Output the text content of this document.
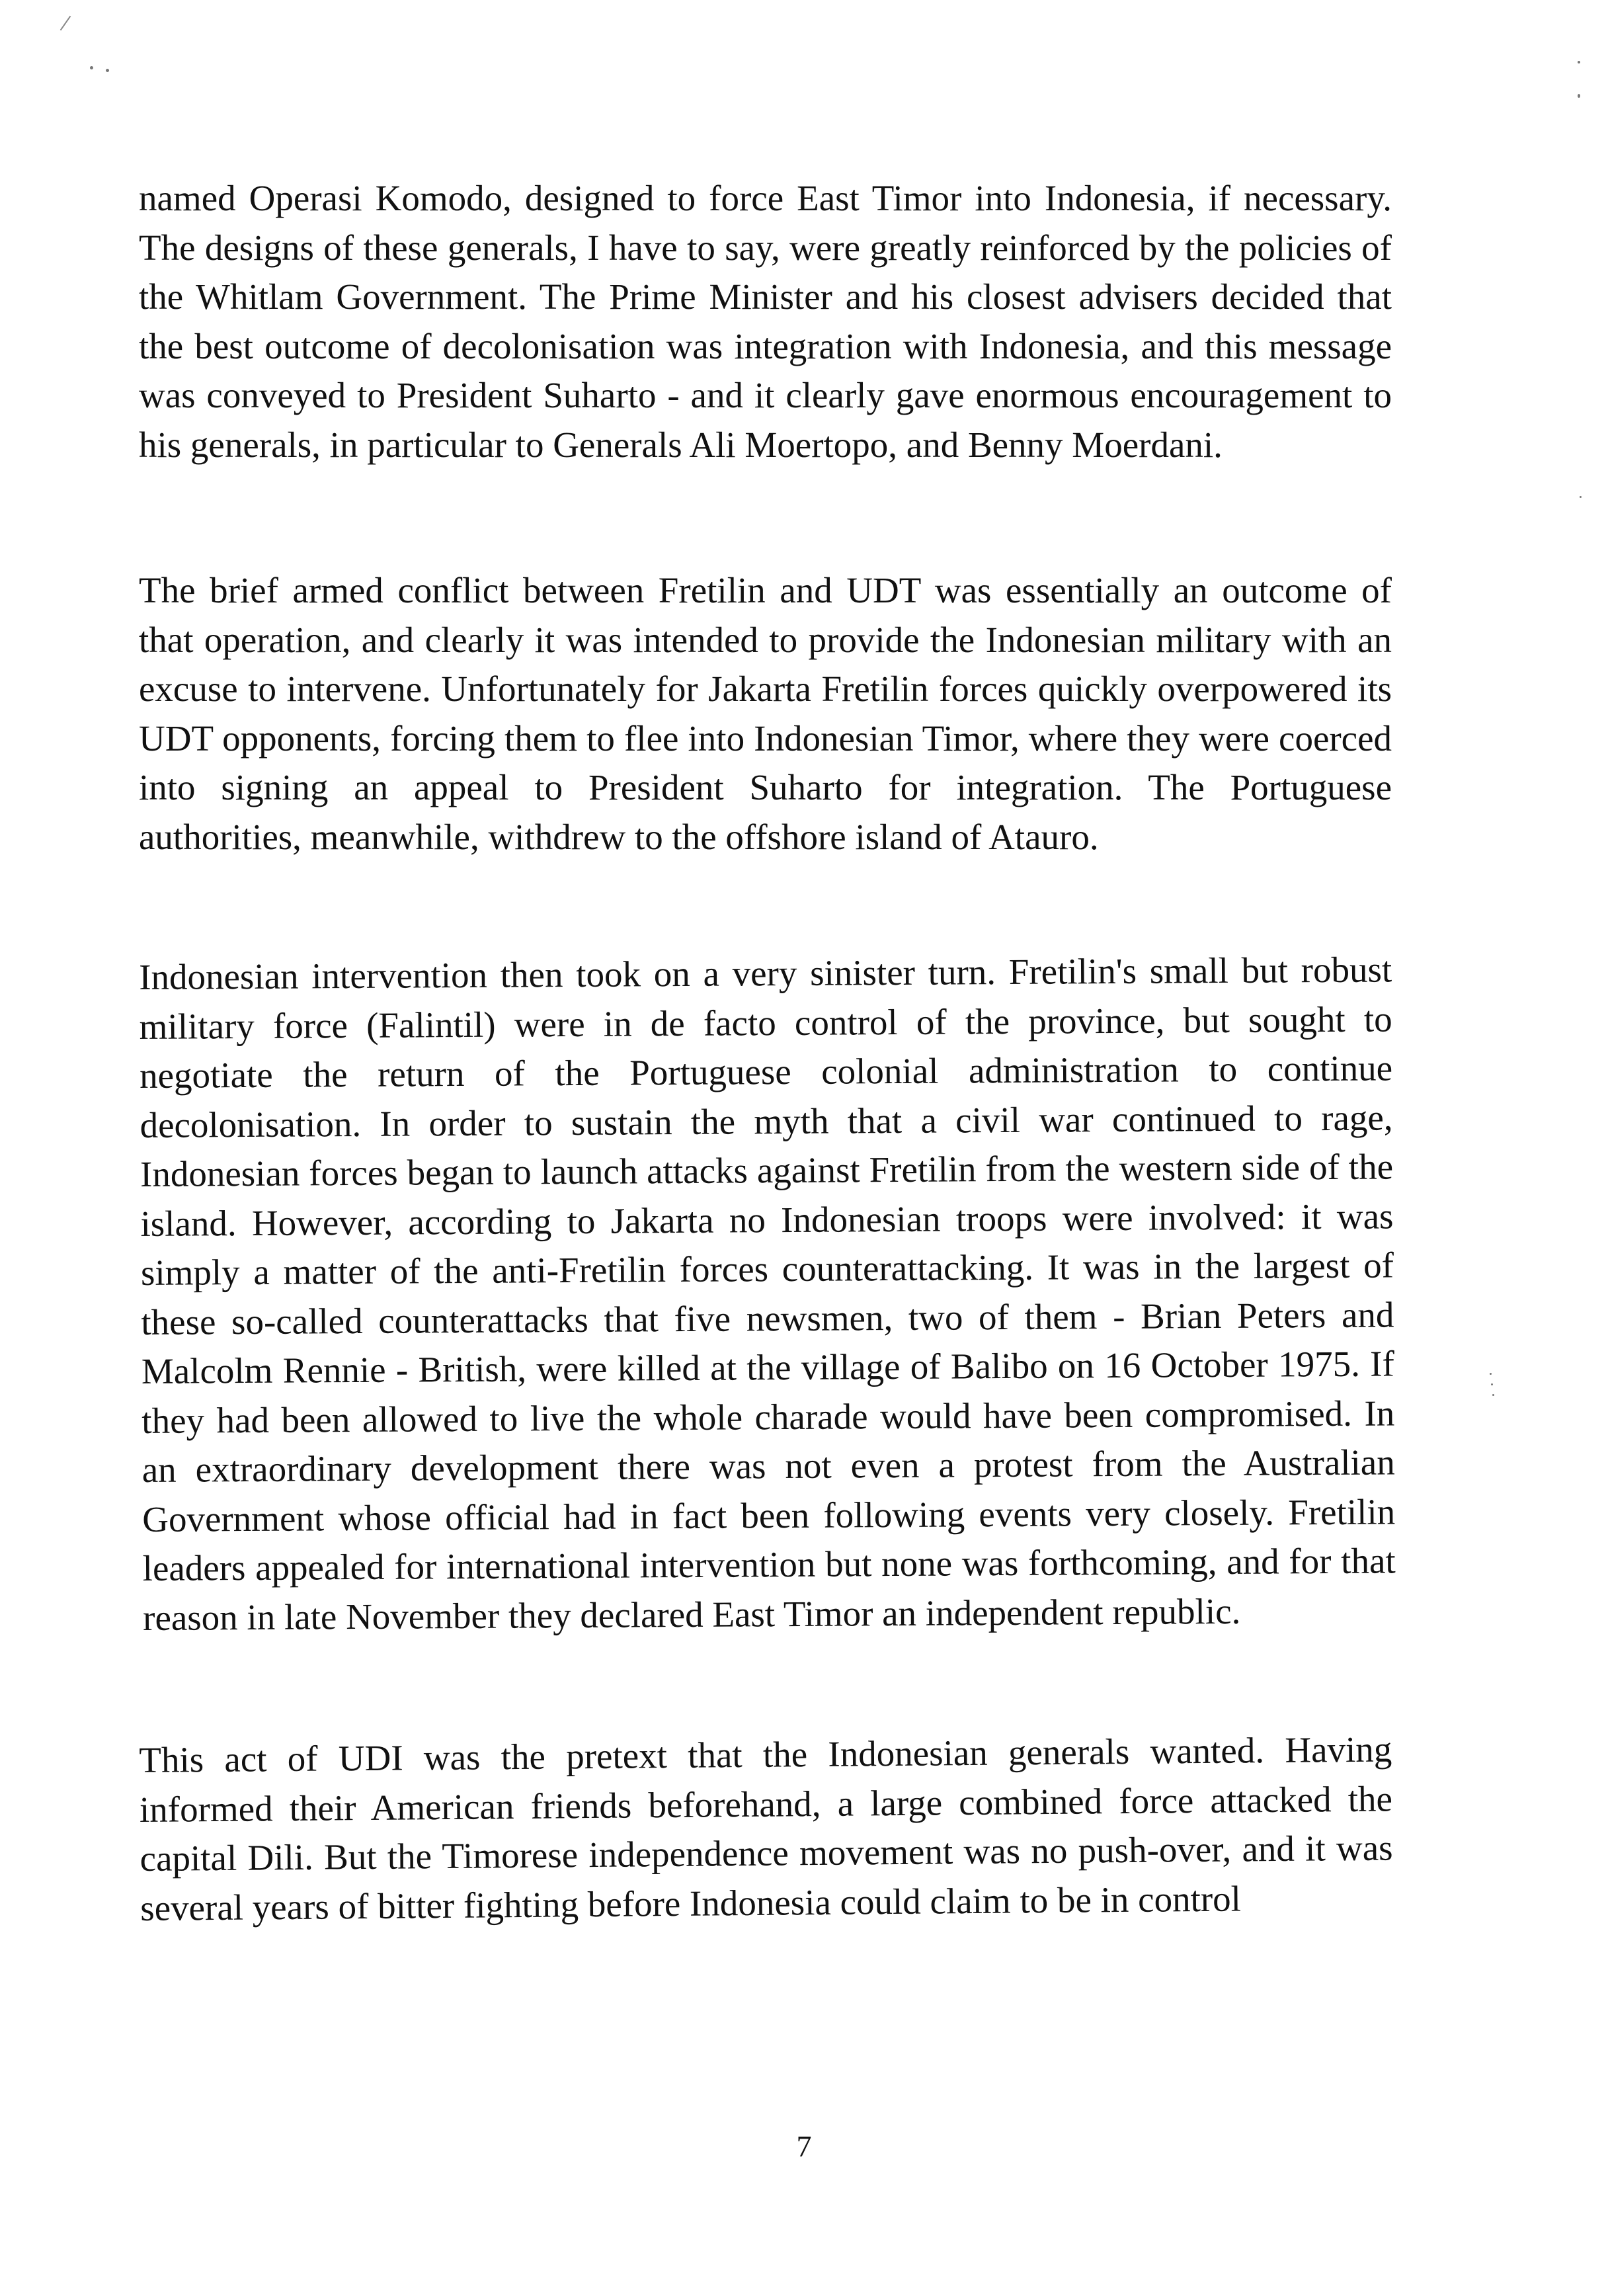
named Operasi Komodo, designed to force East Timor into Indonesia, if necessary. The designs of these generals, I have to say, were greatly reinforced by the policies of the Whitlam Government. The Prime Minister and his closest advisers decided that the best outcome of decolonisation was integration with Indonesia, and this message was conveyed to President Suharto - and it clearly gave enormous encouragement to his generals, in particular to Generals Ali Moertopo, and Benny Moerdani.

The brief armed conflict between Fretilin and UDT was essentially an outcome of that operation, and clearly it was intended to provide the Indonesian military with an excuse to intervene. Unfortunately for Jakarta Fretilin forces quickly overpowered its UDT opponents, forcing them to flee into Indonesian Timor, where they were coerced into signing an appeal to President Suharto for integration. The Portuguese authorities, meanwhile, withdrew to the offshore island of Atauro.

Indonesian intervention then took on a very sinister turn. Fretilin's small but robust military force (Falintil) were in de facto control of the province, but sought to negotiate the return of the Portuguese colonial administration to continue decolonisation. In order to sustain the myth that a civil war continued to rage, Indonesian forces began to launch attacks against Fretilin from the western side of the island. However, according to Jakarta no Indonesian troops were involved: it was simply a matter of the anti-Fretilin forces counterattacking. It was in the largest of these so-called counterattacks that five newsmen, two of them - Brian Peters and Malcolm Rennie - British, were killed at the village of Balibo on 16 October 1975. If they had been allowed to live the whole charade would have been compromised. In an extraordinary development there was not even a protest from the Australian Government whose official had in fact been following events very closely. Fretilin leaders appealed for international intervention but none was forthcoming, and for that reason in late November they declared East Timor an independent republic.

This act of UDI was the pretext that the Indonesian generals wanted. Having informed their American friends beforehand, a large combined force attacked the capital Dili. But the Timorese independence movement was no push-over, and it was several years of bitter fighting before Indonesia could claim to be in control

7
